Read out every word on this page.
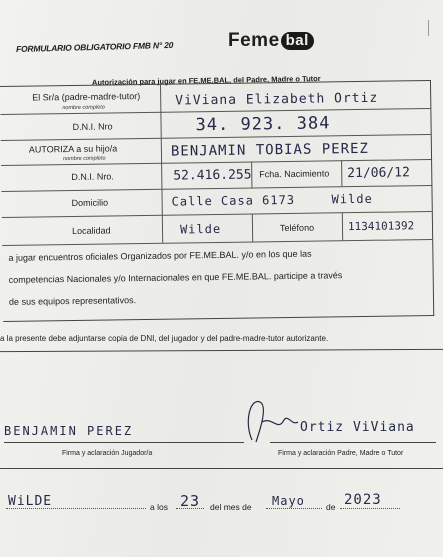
FORMULARIO OBLIGATORIO FMB N° 20	Feme bal
Autorización para jugar en FE.ME.BAL, del Padre, Madre o Tutor
El Sr/a (padre-madre-tutor)
nombre completo	ViViana Elizabeth Ortiz
D.N.I. Nro	34. 923. 384
AUTORIZA a su hijo/a
nombre completo	BENJAMIN TOBIAS PEREZ
D.N.I. Nro.	52.416.255 Fcha. Nacimiento 21/06/12
Domicilio	Calle Casa 6173	Wilde
Localidad	Wilde	Teléfono	1134101392
a jugar encuentros oficiales Organizados por FE.ME.BAL. y/o en los que las
competencias Nacionales y/o Internacionales en que FE.ME.BAL. participe a través
de sus equipos representativos.
a la presente debe adjuntarse copia de DNI, del jugador y del padre-madre-tutor autorizante.
BENJAMIN PEREZ
Firma y aclaración Jugador/a
Ortiz ViViana
Firma y aclaración Padre, Madre o Tutor
WiLDE	a los 23 del mes de Mayo de 2023
